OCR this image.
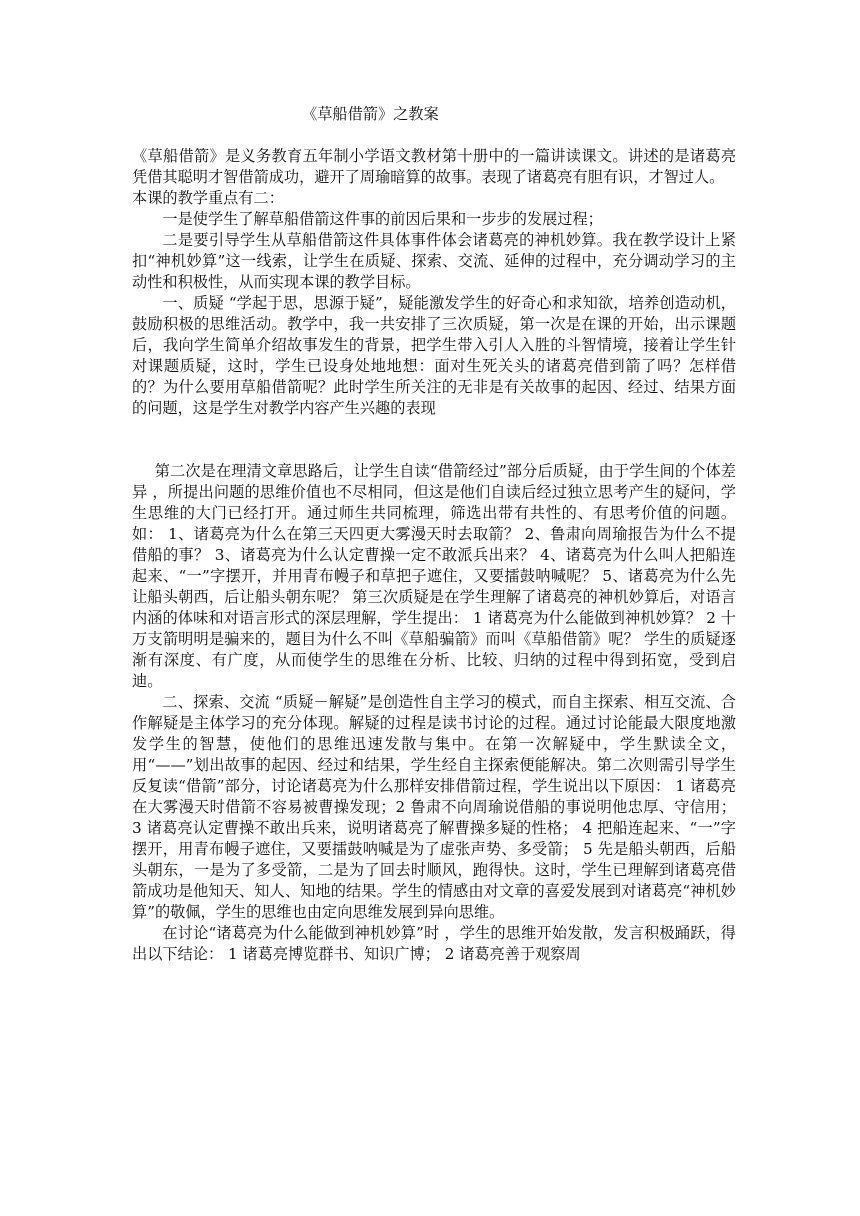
《草船借箭》之教案

《草船借箭》是义务教育五年制小学语文教材第十册中的一篇讲读课文。讲述的是诸葛亮凭借其聪明才智借箭成功，避开了周瑜暗算的故事。表现了诸葛亮有胆有识，才智过人。

本课的教学重点有二：

一是使学生了解草船借箭这件事的前因后果和一步步的发展过程；

二是要引导学生从草船借箭这件具体事件体会诸葛亮的神机妙算。我在教学设计上紧扣“神机妙算”这一线索，让学生在质疑、探索、交流、延伸的过程中，充分调动学习的主动性和积极性，从而实现本课的教学目标。

一、质疑 “学起于思，思源于疑”，疑能激发学生的好奇心和求知欲，培养创造动机，鼓励积极的思维活动。教学中，我一共安排了三次质疑，第一次是在课的开始，出示课题后，我向学生简单介绍故事发生的背景，把学生带入引人入胜的斗智情境，接着让学生针对课题质疑，这时，学生已设身处地地想：面对生死关头的诸葛亮借到箭了吗？怎样借的？为什么要用草船借箭呢？此时学生所关注的无非是有关故事的起因、经过、结果方面的问题，这是学生对教学内容产生兴趣的表现

第二次是在理清文章思路后，让学生自读“借箭经过”部分后质疑，由于学生间的个体差异 ，所提出问题的思维价值也不尽相同，但这是他们自读后经过独立思考产生的疑问，学生思维的大门已经打开。通过师生共同梳理，筛选出带有共性的、有思考价值的问题。如： 1、诸葛亮为什么在第三天四更大雾漫天时去取箭？ 2、鲁肃向周瑜报告为什么不提借船的事？ 3、诸葛亮为什么认定曹操一定不敢派兵出来？ 4、诸葛亮为什么叫人把船连起来、“一”字摆开，并用青布幔子和草把子遮住，又要擂鼓呐喊呢？ 5、诸葛亮为什么先让船头朝西，后让船头朝东呢？ 第三次质疑是在学生理解了诸葛亮的神机妙算后，对语言内涵的体味和对语言形式的深层理解，学生提出： 1 诸葛亮为什么能做到神机妙算？ 2 十万支箭明明是骗来的，题目为什么不叫《草船骗箭》而叫《草船借箭》呢？ 学生的质疑逐渐有深度、有广度，从而使学生的思维在分析、比较、归纳的过程中得到拓宽，受到启迪。

二、探索、交流 “质疑－解疑”是创造性自主学习的模式，而自主探索、相互交流、合作解疑是主体学习的充分体现。解疑的过程是读书讨论的过程。通过讨论能最大限度地激发学生的智慧，使他们的思维迅速发散与集中。在第一次解疑中，学生默读全文，用“——”划出故事的起因、经过和结果，学生经自主探索便能解决。第二次则需引导学生反复读“借箭”部分，讨论诸葛亮为什么那样安排借箭过程，学生说出以下原因： 1 诸葛亮在大雾漫天时借箭不容易被曹操发现；2 鲁肃不向周瑜说借船的事说明他忠厚、守信用； 3 诸葛亮认定曹操不敢出兵来，说明诸葛亮了解曹操多疑的性格； 4 把船连起来、“一”字摆开，用青布幔子遮住，又要擂鼓呐喊是为了虚张声势、多受箭； 5 先是船头朝西，后船头朝东，一是为了多受箭，二是为了回去时顺风，跑得快。这时，学生已理解到诸葛亮借箭成功是他知天、知人、知地的结果。学生的情感由对文章的喜爱发展到对诸葛亮“神机妙算”的敬佩，学生的思维也由定向思维发展到异向思维。

在讨论“诸葛亮为什么能做到神机妙算”时 ，学生的思维开始发散，发言积极踊跃，得出以下结论： 1 诸葛亮博览群书、知识广博； 2 诸葛亮善于观察周
